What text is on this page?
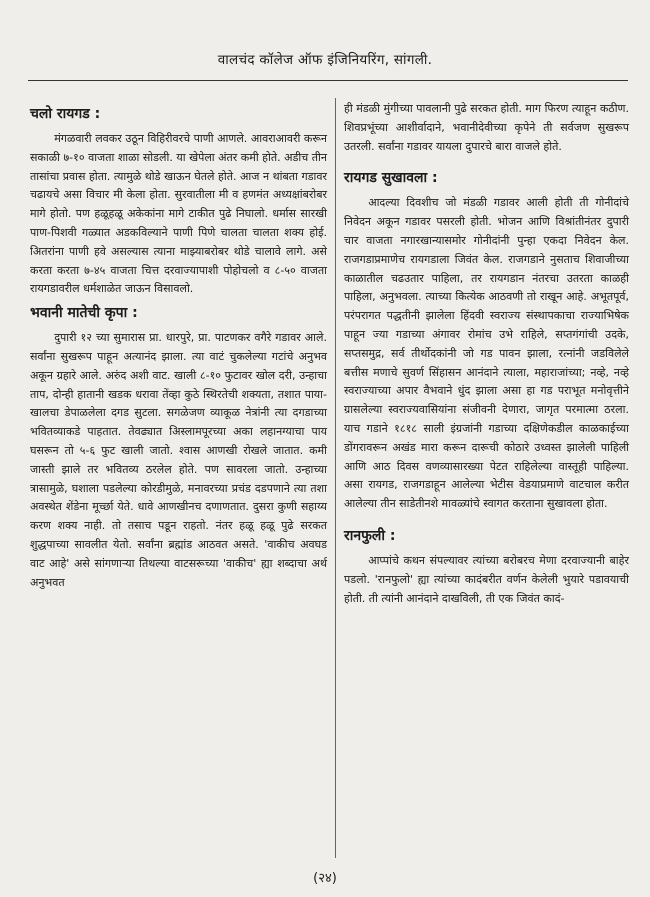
वालचंद कॉलेज ऑफ इंजिनियरिंग, सांगली.
चलो रायगड :

मंगळवारी लवकर उठून विहिरीवरचे पाणी आणले. आवराआवरी करून सकाळी ७-१० वाजता शाळा सोडली. या खेपेला अंतर कमी होते. अडीच तीन तासांचा प्रवास होता. त्यामुळे थोडे खाऊन घेतले होते. आज न थांबता गडावर चढायचे असा विचार मी केला होता. सुरवातीला मी व हणमंत अध्यक्षांबरोबर मागे होतो. पण हळूहळू अकेकांना मागे टाकीत पुढे निघालो. धर्मास सारखी पाण-पिशवी गळ्यात अडकविल्याने पाणी पिणे चालता चालता शक्य होई. अितरांना पाणी हवे असल्यास त्याना माझ्याबरोबर थोडे चालावे लागे. असे करता करता ७-४५ वाजता चित्त दरवाज्यापाशी पोहोचलो व ८-५० वाजता रायगडावरील धर्मशाळेत जाऊन विसावलो.

भवानी मातेची कृपा :

दुपारी १२ च्या सुमारास प्रा. धारपुरे, प्रा. पाटणकर वगैरे गडावर आले. सर्वांना सुखरूप पाहून अत्यानंद झाला. त्या वाटं चुकलेल्या गटांचे अनुभव अकून ग्रहारे आले. अरुंद अशी वाट. खाली ८-१० फुटावर खोल दरी, उन्हाचा ताप, दोन्ही हातानी खडक धरावा तेंव्हा कुठे स्थिरतेची शक्यता, तशात पाया-खालचा डेपाळलेला दगड सुटला. सगळेजण व्याकूळ नेत्रांनी त्या दगडाच्या भवितव्याकडे पाहतात. तेवढ्यात अिस्लामपूरच्या अका लहानग्याचा पाय घसरून तो ५-६ फुट खाली जातो. श्वास आणखी रोखले जातात. कमी जास्ती झाले तर भवितव्य ठरलेल होते. पण सावरला जातो. उन्हाच्या त्रासामुळे, घशाला पडलेल्या कोरडीमुळे, मनावरच्या प्रचंड दडपणाने त्या तशा अवस्थेत शेंडेना मूर्च्छा येते. धावे आणखीनच दणाणतात. दुसरा कुणी सहाय्य करण शक्य नाही. तो तसाच पडून राहतो. नंतर हळू हळू पुढे सरकत शुद्धपाच्या सावलीत येतो. सर्वांना ब्रह्मांड आठवत असते. 'वाकीच अवघड वाट आहे' असे सांगणाऱ्या तिथल्या वाटसरूच्या 'वाकीच' ह्या शब्दाचा अर्थ अनुभवत

ही मंडळी मुंगीच्या पावलानी पुढे सरकत होती. माग फिरण त्याहून कठीण. शिवप्रभूंच्या आशीर्वादाने, भवानीदेवीच्या कृपेने ती सर्वजण सुखरूप उतरली. सर्वांना गडावर यायला दुपारचे बारा वाजले होते.

रायगड सुखावला :

आदल्या दिवशीच जो मंडळी गडावर आली होती ती गोनीदांचे निवेदन अकून गडावर पसरली होती. भोजन आणि विश्रांतीनंतर दुपारी चार वाजता नगारखान्यासमोर गोनीदांनी पुन्हा एकदा निवेदन केल. राजगडाप्रमाणेच रायगडाला जिवंत केल. राजगडाने नुसताच शिवाजीच्या काळातील चढउतार पाहिला, तर रायगडान नंतरचा उतरता काळही पाहिला, अनुभवला. त्याच्या कित्येक आठवणी तो राखून आहे. अभूतपूर्व, परंपरागत पद्धतीनी झालेला हिंदवी स्वराज्य संस्थापकाचा राज्याभिषेक पाहून ज्या गडाच्या अंगावर रोमांच उभे राहिले, सप्तगंगांची उदके, सप्तसमुद्र, सर्व तीर्थोदकांनी जो गड पावन झाला, रत्नांनी जडविलेले बत्तीस मणाचे सुवर्ण सिंहासन आनंदाने त्याला, महाराजांच्या; नव्हे, नव्हे स्वराज्याच्या अपार वैभवाने धुंद झाला असा हा गड पराभूत मनोवृत्तीने ग्रासलेल्या स्वराज्यवासियांना संजीवनी देणारा, जागृत परमात्मा ठरला. याच गडाने १८१८ साली इंग्रजांनी गडाच्या दक्षिणेकडील काळकाईच्या डोंगरावरून अखंड मारा करून दारूची कोठारे उध्वस्त झालेली पाहिली आणि आठ दिवस वणव्यासारख्या पेटत राहिलेल्या वास्तूही पाहिल्या. असा रायगड, राजगडाहून आलेल्या भेटीस वेडयाप्रमाणे वाटचाल करीत आलेल्या तीन साडेतीनशे मावळ्यांचे स्वागत करताना सुखावला होता.

रानफुली :

आप्पांचे कथन संपल्यावर त्यांच्या बरोबरच मेणा दरवाज्यानी बाहेर पडलो. 'रानफुलो' ह्या त्यांच्या कादंबरीत वर्णन केलेली भुयारे पडावयाची होती. ती त्यांनी आनंदाने दाखविली, ती एक जिवंत कादं-

(२४)
